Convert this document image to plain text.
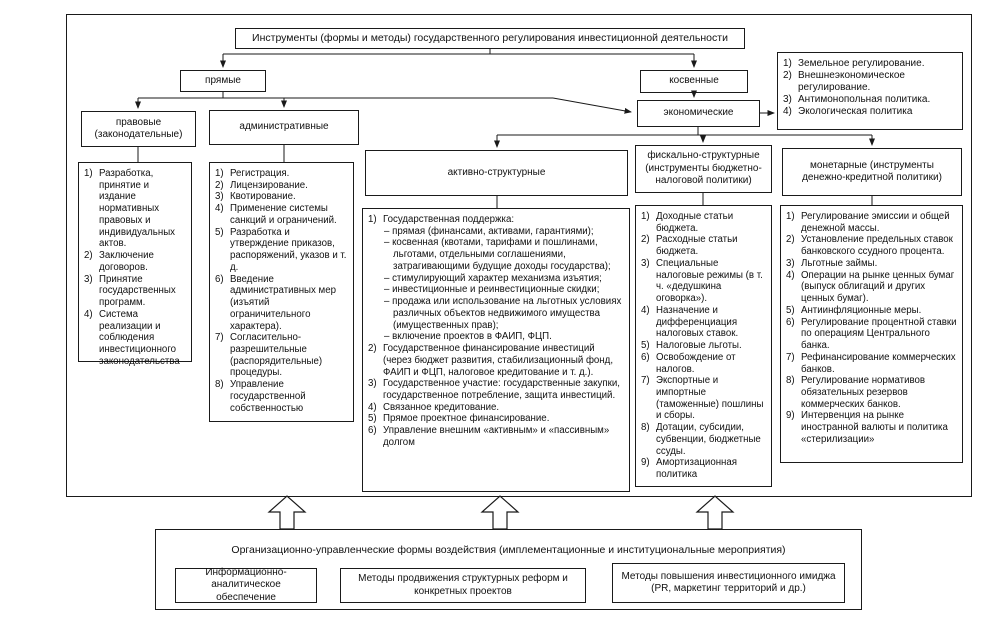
Инструменты (формы и методы) государственного регулирования инвестиционной деятельности
прямые	косвенные
экономические
1) Земельное регулирование.
2) Внешнеэкономическое регулирование.
3) Антимонопольная политика.
4) Экологическая политика
правовые (законодательные)
административные
активно-структурные
фискально-структурные (инструменты бюджетно-налоговой политики)
монетарные (инструменты денежно-кредитной политики)
1) Разработка, принятие и издание нормативных правовых и индивидуальных актов.
2) Заключение договоров.
3) Принятие государственных программ.
4) Система реализации и соблюдения инвестиционного законодательства
1) Регистрация.
2) Лицензирование.
3) Квотирование.
4) Применение системы санкций и ограничений.
5) Разработка и утверждение приказов, распоряжений, указов и т. д.
6) Введение административных мер (изъятий ограничительного характера).
7) Согласительно-разрешительные (распорядительные) процедуры.
8) Управление государственной собственностью
1) Государственная поддержка:
– прямая (финансами, активами, гарантиями);
– косвенная (квотами, тарифами и пошлинами, льготами, отдельными соглашениями, затрагивающими будущие доходы государства);
– стимулирующий характер механизма изъятия;
– инвестиционные и реинвестиционные скидки;
– продажа или использование на льготных условиях различных объектов недвижимого имущества (имущественных прав);
– включение проектов в ФАИП, ФЦП.
2) Государственное финансирование инвестиций (через бюджет развития, стабилизационный фонд, ФАИП и ФЦП, налоговое кредитование и т. д.).
3) Государственное участие: государственные закупки, государственное потребление, защита инвестиций.
4) Связанное кредитование.
5) Прямое проектное финансирование.
6) Управление внешним «активным» и «пассивным» долгом
1) Доходные статьи бюджета.
2) Расходные статьи бюджета.
3) Специальные налоговые режимы (в т. ч. «дедушкина оговорка»).
4) Назначение и дифференциация налоговых ставок.
5) Налоговые льготы.
6) Освобождение от налогов.
7) Экспортные и импортные (таможенные) пошлины и сборы.
8) Дотации, субсидии, субвенции, бюджетные ссуды.
9) Амортизационная политика
1) Регулирование эмиссии и общей денежной массы.
2) Установление предельных ставок банковского ссудного процента.
3) Льготные займы.
4) Операции на рынке ценных бумаг (выпуск облигаций и других ценных бумаг).
5) Антиинфляционные меры.
6) Регулирование процентной ставки по операциям Центрального банка.
7) Рефинансирование коммерческих банков.
8) Регулирование нормативов обязательных резервов коммерческих банков.
9) Интервенция на рынке иностранной валюты и политика «стерилизации»
Организационно-управленческие формы воздействия (имплементационные и институциональные мероприятия)
Информационно-аналитическое обеспечение
Методы продвижения структурных реформ и конкретных проектов
Методы повышения инвестиционного имиджа (PR, маркетинг территорий и др.)
